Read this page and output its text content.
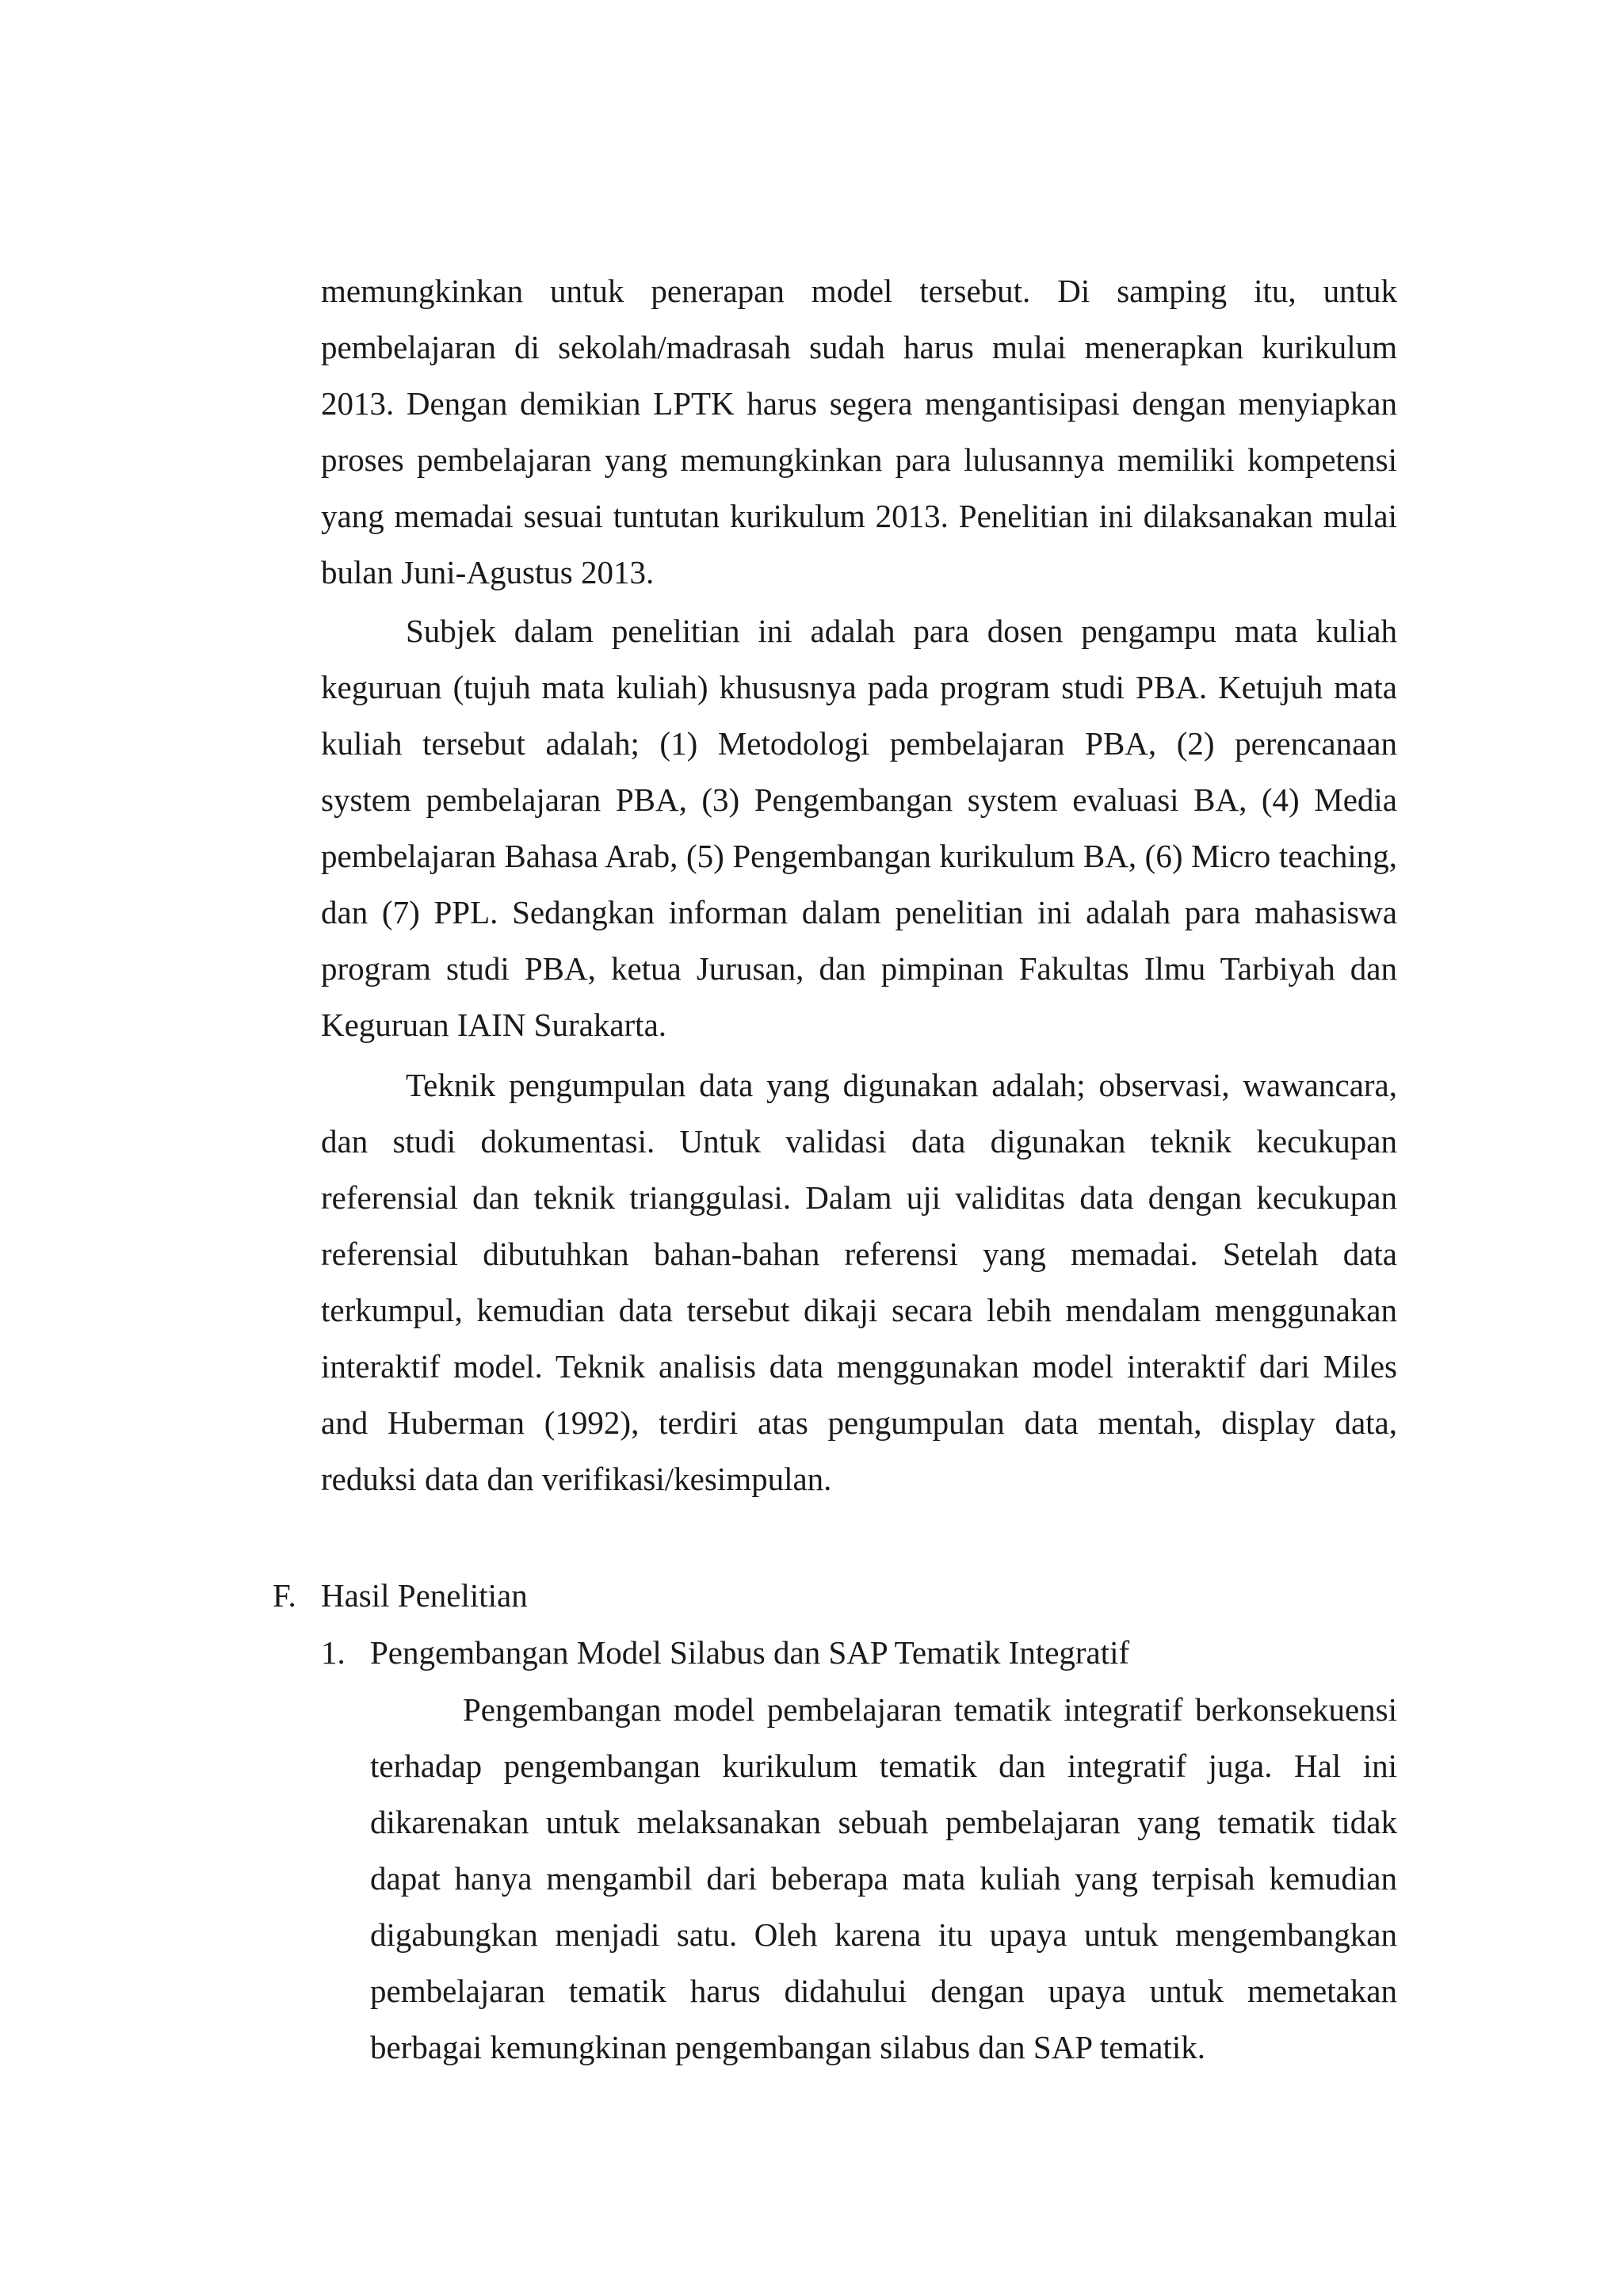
memungkinkan untuk penerapan model tersebut. Di samping itu, untuk pembelajaran di sekolah/madrasah sudah harus mulai menerapkan kurikulum 2013. Dengan demikian LPTK harus segera mengantisipasi dengan menyiapkan proses pembelajaran yang memungkinkan para lulusannya memiliki kompetensi yang memadai sesuai tuntutan kurikulum 2013. Penelitian ini dilaksanakan mulai bulan Juni-Agustus 2013.

Subjek dalam penelitian ini adalah para dosen pengampu mata kuliah keguruan (tujuh mata kuliah) khususnya pada program studi PBA. Ketujuh mata kuliah tersebut adalah; (1) Metodologi pembelajaran PBA, (2) perencanaan system pembelajaran PBA, (3) Pengembangan system evaluasi BA, (4) Media pembelajaran Bahasa Arab, (5) Pengembangan kurikulum BA, (6) Micro teaching, dan (7) PPL. Sedangkan informan dalam penelitian ini adalah para mahasiswa program studi PBA, ketua Jurusan, dan pimpinan Fakultas Ilmu Tarbiyah dan Keguruan IAIN Surakarta.

Teknik pengumpulan data yang digunakan adalah; observasi, wawancara, dan studi dokumentasi. Untuk validasi data digunakan teknik kecukupan referensial dan teknik trianggulasi. Dalam uji validitas data dengan kecukupan referensial dibutuhkan bahan-bahan referensi yang memadai. Setelah data terkumpul, kemudian data tersebut dikaji secara lebih mendalam menggunakan interaktif model. Teknik analisis data menggunakan model interaktif dari Miles and Huberman (1992), terdiri atas pengumpulan data mentah, display data, reduksi data dan verifikasi/kesimpulan.

F. Hasil Penelitian
1. Pengembangan Model Silabus dan SAP Tematik Integratif

Pengembangan model pembelajaran tematik integratif berkonsekuensi terhadap pengembangan kurikulum tematik dan integratif juga. Hal ini dikarenakan untuk melaksanakan sebuah pembelajaran yang tematik tidak dapat hanya mengambil dari beberapa mata kuliah yang terpisah kemudian digabungkan menjadi satu. Oleh karena itu upaya untuk mengembangkan pembelajaran tematik harus didahului dengan upaya untuk memetakan berbagai kemungkinan pengembangan silabus dan SAP tematik.
